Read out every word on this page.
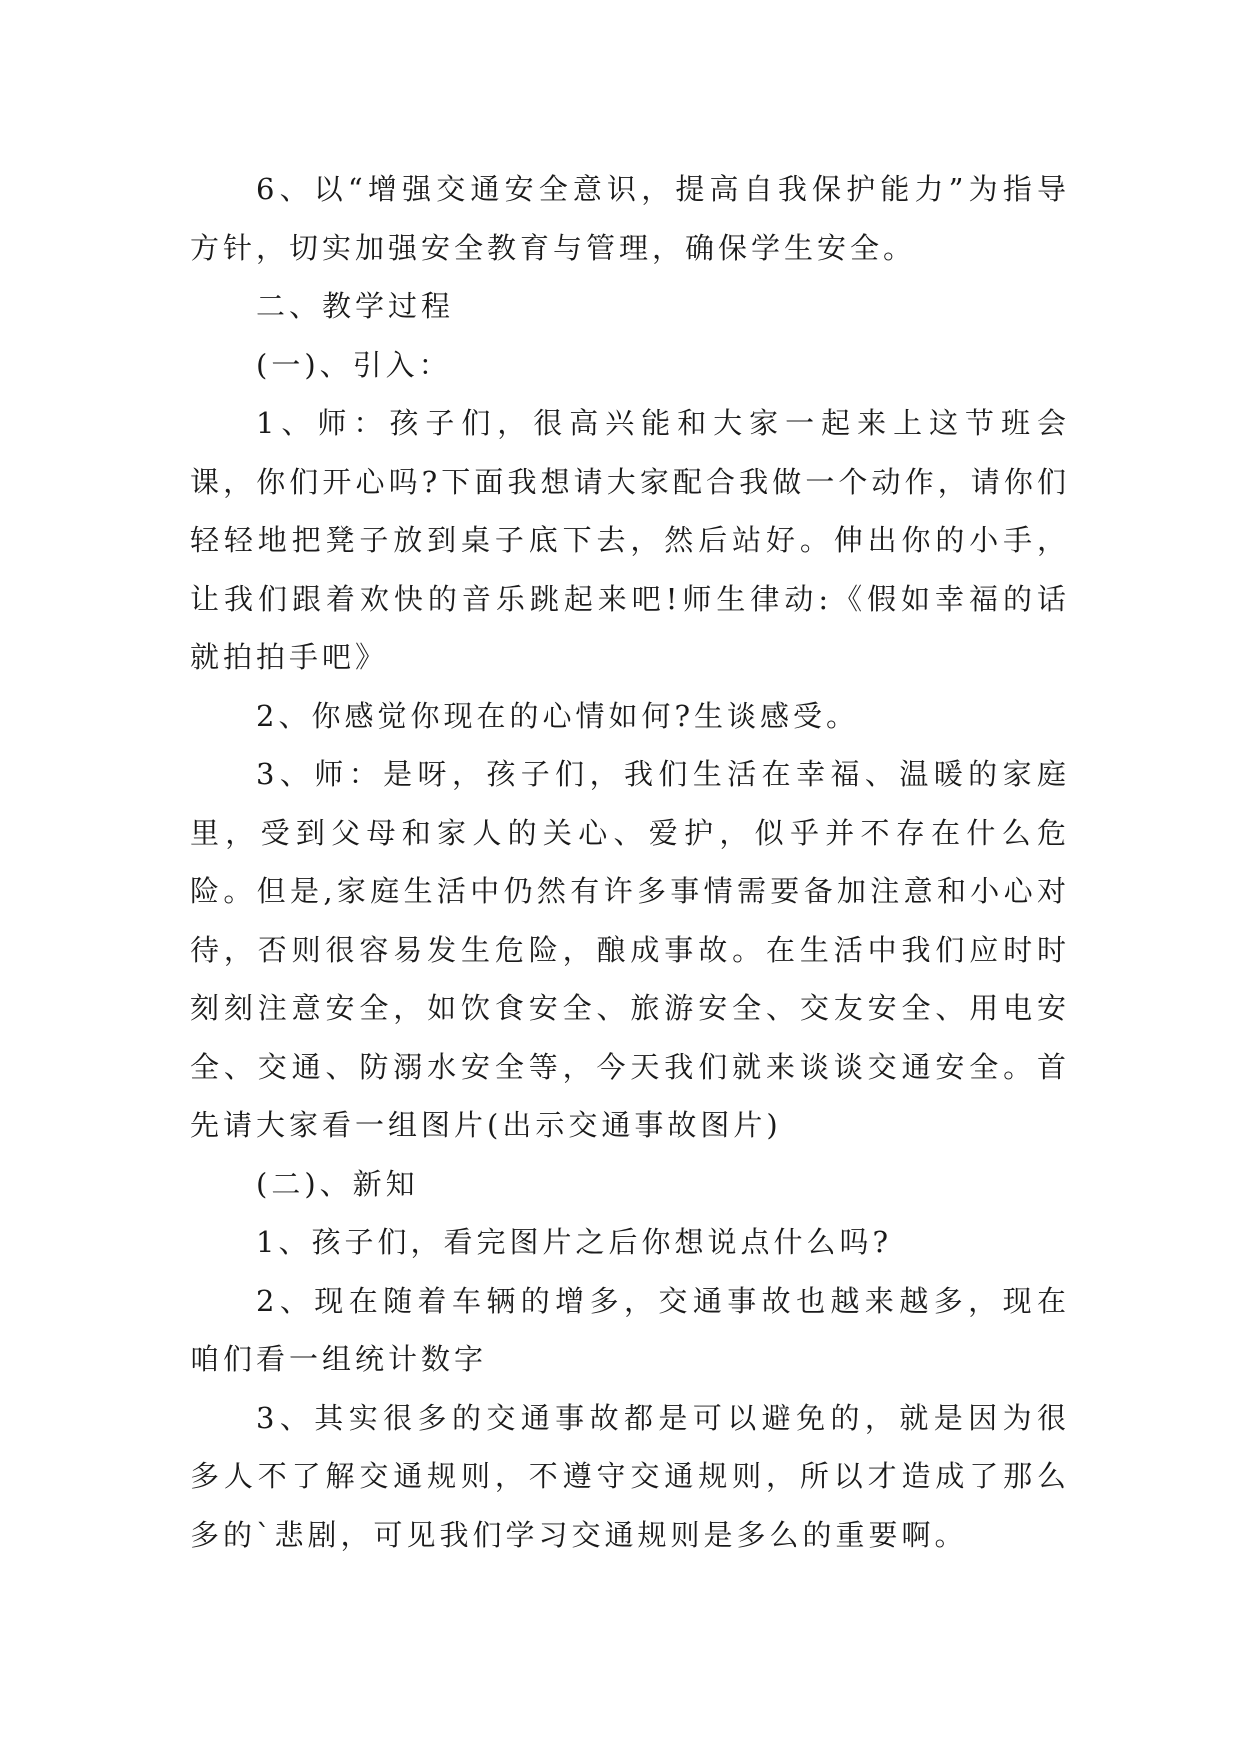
6、以“增强交通安全意识，提高自我保护能力”为指导方针，切实加强安全教育与管理，确保学生安全。

二、教学过程

(一)、引入：

1、师：孩子们，很高兴能和大家一起来上这节班会课，你们开心吗?下面我想请大家配合我做一个动作，请你们轻轻地把凳子放到桌子底下去，然后站好。伸出你的小手，让我们跟着欢快的音乐跳起来吧!师生律动:《假如幸福的话就拍拍手吧》

2、你感觉你现在的心情如何?生谈感受。

3、师：是呀，孩子们，我们生活在幸福、温暖的家庭里，受到父母和家人的关心、爱护，似乎并不存在什么危险。但是,家庭生活中仍然有许多事情需要备加注意和小心对待，否则很容易发生危险，酿成事故。在生活中我们应时时刻刻注意安全，如饮食安全、旅游安全、交友安全、用电安全、交通、防溺水安全等，今天我们就来谈谈交通安全。首先请大家看一组图片(出示交通事故图片)

(二)、新知

1、孩子们，看完图片之后你想说点什么吗?

2、现在随着车辆的增多，交通事故也越来越多，现在咱们看一组统计数字

3、其实很多的交通事故都是可以避免的，就是因为很多人不了解交通规则，不遵守交通规则，所以才造成了那么多的`悲剧，可见我们学习交通规则是多么的重要啊。
